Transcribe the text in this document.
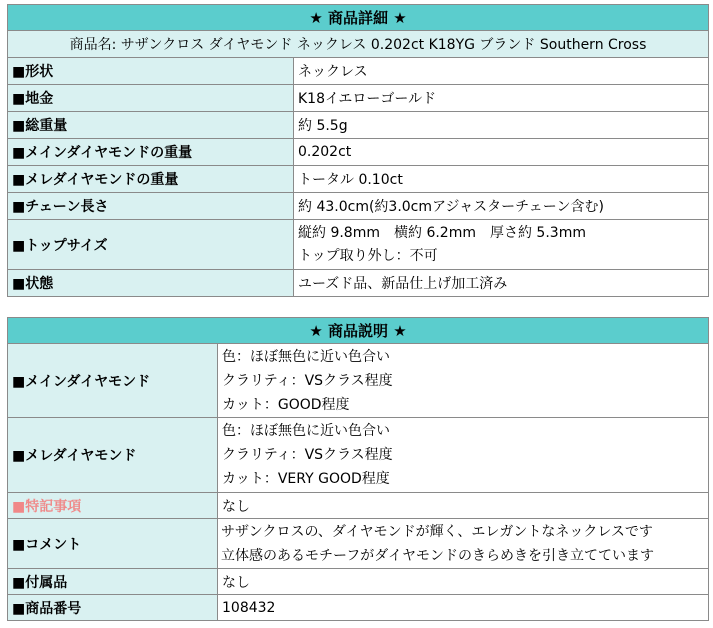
★ 商品詳細 ★	
商品名: サザンクロス ダイヤモンド ネックレス 0.202ct K18YG ブランド Southern Cross	
■形状	ネックレス
■地金	K18イエローゴールド
■総重量	約 5.5g
■メインダイヤモンドの重量	0.202ct
■メレダイヤモンドの重量	トータル 0.10ct
■チェーン長さ	約 43.0cm(約3.0cmアジャスターチェーン含む)
■トップサイズ	縦約 9.8mm　横約 6.2mm　厚さ約 5.3mm
トップ取り外し：不可

■状態	ユーズド品、新品仕上げ加工済み
★ 商品説明 ★	
■メインダイヤモンド	色：ほぼ無色に近い色合い
クラリティ：VSクラス程度
カット：GOOD程度

■メレダイヤモンド	色：ほぼ無色に近い色合い
クラリティ：VSクラス程度
カット：VERY GOOD程度

■特記事項	なし
■コメント	サザンクロスの、ダイヤモンドが輝く、エレガントなネックレスです
立体感のあるモチーフがダイヤモンドのきらめきを引き立てています

■付属品	なし
■商品番号	108432
